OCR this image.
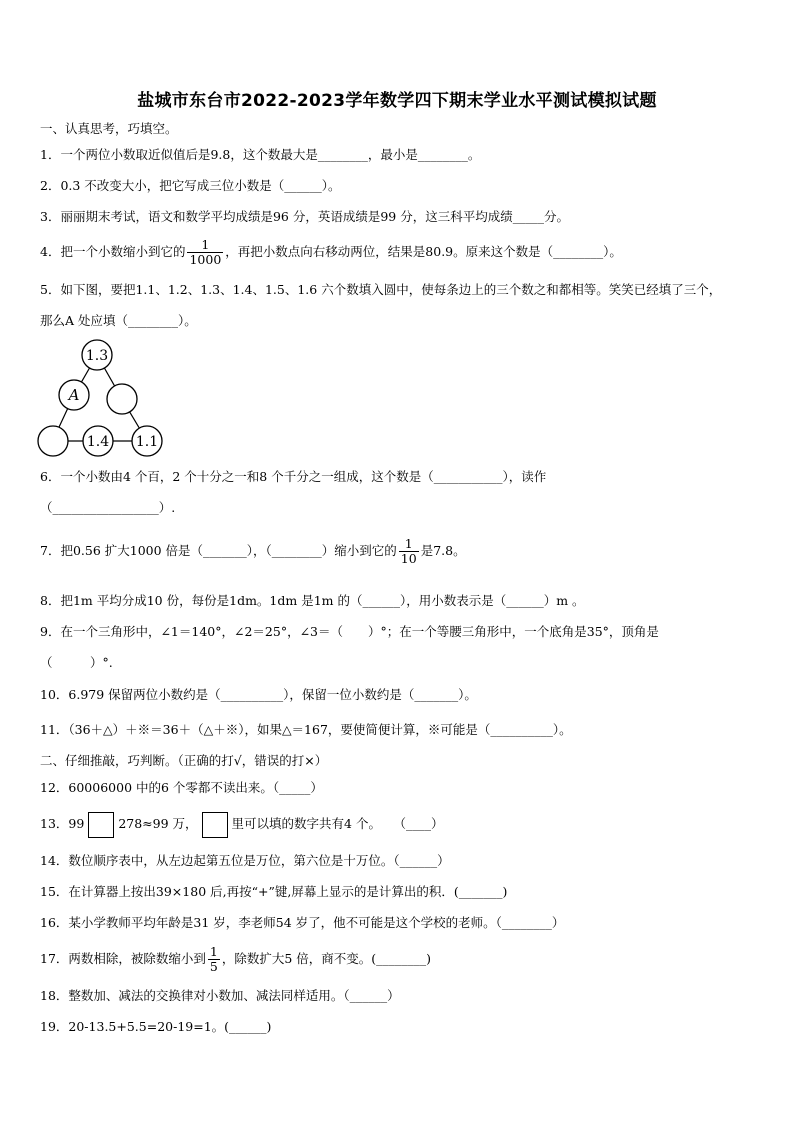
盐城市东台市2022-2023学年数学四下期末学业水平测试模拟试题
一、认真思考，巧填空。
1．一个两位小数取近似值后是9.8，这个数最大是________，最小是________。
2．0.3 不改变大小，把它写成三位小数是（______）。
3．丽丽期末考试，语文和数学平均成绩是96 分，英语成绩是99 分，这三科平均成绩_____分。
4．把一个小数缩小到它的 $\frac{1}{1000}$ ，再把小数点向右移动两位，结果是80.9。原来这个数是（________）。
5．如下图，要把1.1、1.2、1.3、1.4、1.5、1.6 六个数填入圆中，使每条边上的三个数之和都相等。笑笑已经填了三个，
那么A 处应填（________）。
1.3
A
1.4 1.1
6．一个小数由4 个百，2 个十分之一和8 个千分之一组成，这个数是（___________），读作
（_________________）.
7．把0.56 扩大1000 倍是（_______），（________）缩小到它的 $\frac{1}{10}$ 是7.8。
8．把1m 平均分成10 份，每份是1dm。1dm 是1m 的（______），用小数表示是（______）m 。
9．在一个三角形中，∠1＝140°，∠2＝25°，∠3＝（　　）°；在一个等腰三角形中，一个底角是35°，顶角是
（　　　）°.
10．6.979 保留两位小数约是（__________），保留一位小数约是（_______）。
11．（36＋△）＋※＝36＋（△＋※），如果△＝167，要使简便计算，※可能是（__________）。
二、仔细推敲，巧判断。（正确的打√，错误的打×）
12．60006000 中的6 个零都不读出来。（_____）
13．99	278≈99 万，	里可以填的数字共有4 个。　　（____）
14．数位顺序表中，从左边起第五位是万位，第六位是十万位。（______）
15．在计算器上按出39×180 后,再按“+”键,屏幕上显示的是计算出的积．(_______)
16．某小学教师平均年龄是31 岁，李老师54 岁了，他不可能是这个学校的老师。（________）
17．两数相除，被除数缩小到 $\frac{1}{5}$ ，除数扩大5 倍，商不变。(________)
18．整数加、减法的交换律对小数加、减法同样适用。（______）
19．20-13.5+5.5=20-19=1。(______)
